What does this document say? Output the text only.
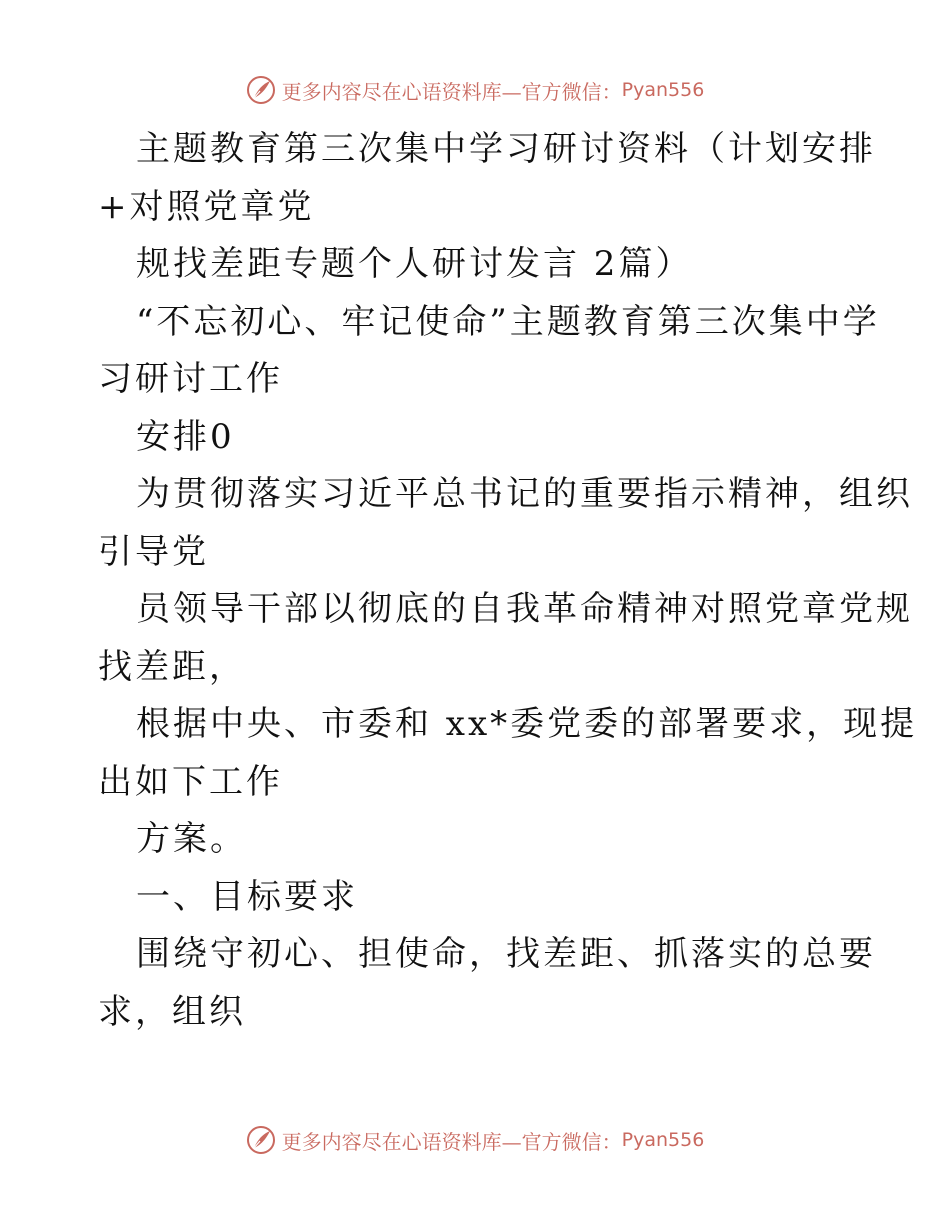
更多内容尽在心语资料库—官方微信： Pyan556
主题教育第三次集中学习研讨资料（计划安排
+对照党章党
规找差距专题个人研讨发言 2篇）
“不忘初心、牢记使命”主题教育第三次集中学
习研讨工作
安排0
为贯彻落实习近平总书记的重要指示精神，组织
引导党
员领导干部以彻底的自我革命精神对照党章党规
找差距，
根据中央、市委和 xx*委党委的部署要求，现提
出如下工作
方案。
一、目标要求
围绕守初心、担使命，找差距、抓落实的总要
求，组织
更多内容尽在心语资料库—官方微信： Pyan556
